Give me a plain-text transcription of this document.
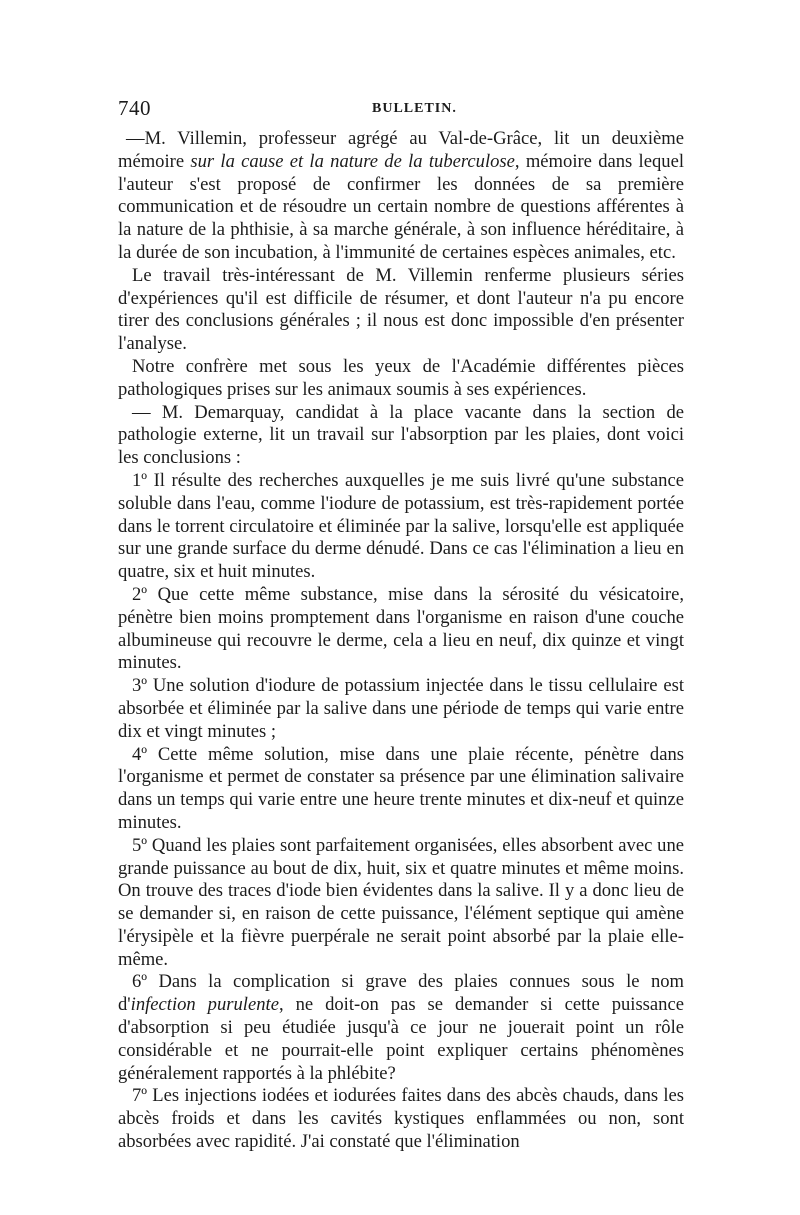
740	BULLETIN.

—M. Villemin, professeur agrégé au Val-de-Grâce, lit un deuxième mémoire sur la cause et la nature de la tuberculose, mémoire dans lequel l'auteur s'est proposé de confirmer les données de sa première communication et de résoudre un certain nombre de questions afférentes à la nature de la phthisie, à sa marche générale, à son influence héréditaire, à la durée de son incubation, à l'immunité de certaines espèces animales, etc.

Le travail très-intéressant de M. Villemin renferme plusieurs séries d'expériences qu'il est difficile de résumer, et dont l'auteur n'a pu encore tirer des conclusions générales ; il nous est donc impossible d'en présenter l'analyse.

Notre confrère met sous les yeux de l'Académie différentes pièces pathologiques prises sur les animaux soumis à ses expériences.

— M. Demarquay, candidat à la place vacante dans la section de pathologie externe, lit un travail sur l'absorption par les plaies, dont voici les conclusions :

1º Il résulte des recherches auxquelles je me suis livré qu'une substance soluble dans l'eau, comme l'iodure de potassium, est très-rapidement portée dans le torrent circulatoire et éliminée par la salive, lorsqu'elle est appliquée sur une grande surface du derme dénudé. Dans ce cas l'élimination a lieu en quatre, six et huit minutes.

2º Que cette même substance, mise dans la sérosité du vésicatoire, pénètre bien moins promptement dans l'organisme en raison d'une couche albumineuse qui recouvre le derme, cela a lieu en neuf, dix quinze et vingt minutes.

3º Une solution d'iodure de potassium injectée dans le tissu cellulaire est absorbée et éliminée par la salive dans une période de temps qui varie entre dix et vingt minutes ;

4º Cette même solution, mise dans une plaie récente, pénètre dans l'organisme et permet de constater sa présence par une élimination salivaire dans un temps qui varie entre une heure trente minutes et dix-neuf et quinze minutes.

5º Quand les plaies sont parfaitement organisées, elles absorbent avec une grande puissance au bout de dix, huit, six et quatre minutes et même moins. On trouve des traces d'iode bien évidentes dans la salive. Il y a donc lieu de se demander si, en raison de cette puissance, l'élément septique qui amène l'érysipèle et la fièvre puerpérale ne serait point absorbé par la plaie elle-même.

6º Dans la complication si grave des plaies connues sous le nom d'infection purulente, ne doit-on pas se demander si cette puissance d'absorption si peu étudiée jusqu'à ce jour ne jouerait point un rôle considérable et ne pourrait-elle point expliquer certains phénomènes généralement rapportés à la phlébite?

7º Les injections iodées et iodurées faites dans des abcès chauds, dans les abcès froids et dans les cavités kystiques enflammées ou non, sont absorbées avec rapidité. J'ai constaté que l'élimination
